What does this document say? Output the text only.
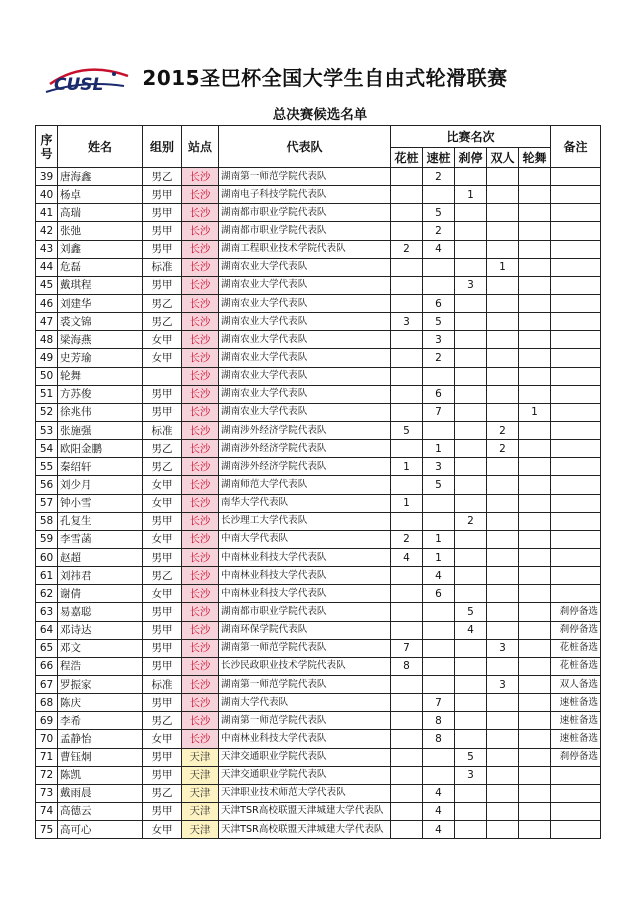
CUSL 2015圣巴杯全国大学生自由式轮滑联赛
总决赛候选名单
序号	姓名	组别	站点	代表队	比赛名次					备注
					花桩	速桩	刹停	双人	轮舞	
39	唐海鑫	男乙	长沙	湖南第一师范学院代表队		2				
40	杨卓	男甲	长沙	湖南电子科技学院代表队			1			
41	高瑞	男甲	长沙	湖南都市职业学院代表队		5				
42	张弛	男甲	长沙	湖南都市职业学院代表队		2				
43	刘鑫	男甲	长沙	湖南工程职业技术学院代表队	2	4				
44	危磊	标准	长沙	湖南农业大学代表队				1		
45	戴琪程	男甲	长沙	湖南农业大学代表队			3			
46	刘建华	男乙	长沙	湖南农业大学代表队		6				
47	裘文锦	男乙	长沙	湖南农业大学代表队	3	5				
48	梁海燕	女甲	长沙	湖南农业大学代表队		3				
49	史芳瑜	女甲	长沙	湖南农业大学代表队		2				
50	轮舞		长沙	湖南农业大学代表队						
51	方苏俊	男甲	长沙	湖南农业大学代表队		6				
52	徐兆伟	男甲	长沙	湖南农业大学代表队		7			1	
53	张施强	标准	长沙	湖南涉外经济学院代表队	5			2		
54	欧阳金鹏	男乙	长沙	湖南涉外经济学院代表队		1		2		
55	秦绍轩	男乙	长沙	湖南涉外经济学院代表队	1	3				
56	刘少月	女甲	长沙	湖南师范大学代表队		5				
57	钟小雪	女甲	长沙	南华大学代表队	1					
58	孔复生	男甲	长沙	长沙理工大学代表队			2			
59	李雪菡	女甲	长沙	中南大学代表队	2	1				
60	赵超	男甲	长沙	中南林业科技大学代表队	4	1				
61	刘祎君	男乙	长沙	中南林业科技大学代表队		4				
62	谢倩	女甲	长沙	中南林业科技大学代表队		6				
63	易嘉聪	男甲	长沙	湖南都市职业学院代表队			5			刹停备选
64	邓诗达	男甲	长沙	湖南环保学院代表队			4			刹停备选
65	邓文	男甲	长沙	湖南第一师范学院代表队	7			3		花桩备选
66	程浩	男甲	长沙	长沙民政职业技术学院代表队	8					花桩备选
67	罗振家	标准	长沙	湖南第一师范学院代表队				3		双人备选
68	陈庆	男甲	长沙	湖南大学代表队		7				速桩备选
69	李希	男乙	长沙	湖南第一师范学院代表队		8				速桩备选
70	孟静怡	女甲	长沙	中南林业科技大学代表队		8				速桩备选
71	曹钰炯	男甲	天津	天津交通职业学院代表队			5			刹停备选
72	陈凯	男甲	天津	天津交通职业学院代表队			3			
73	戴雨晨	男乙	天津	天津职业技术师范大学代表队		4				
74	高德云	男甲	天津	天津TSR高校联盟天津城建大学代表队		4				
75	高可心	女甲	天津	天津TSR高校联盟天津城建大学代表队		4				
